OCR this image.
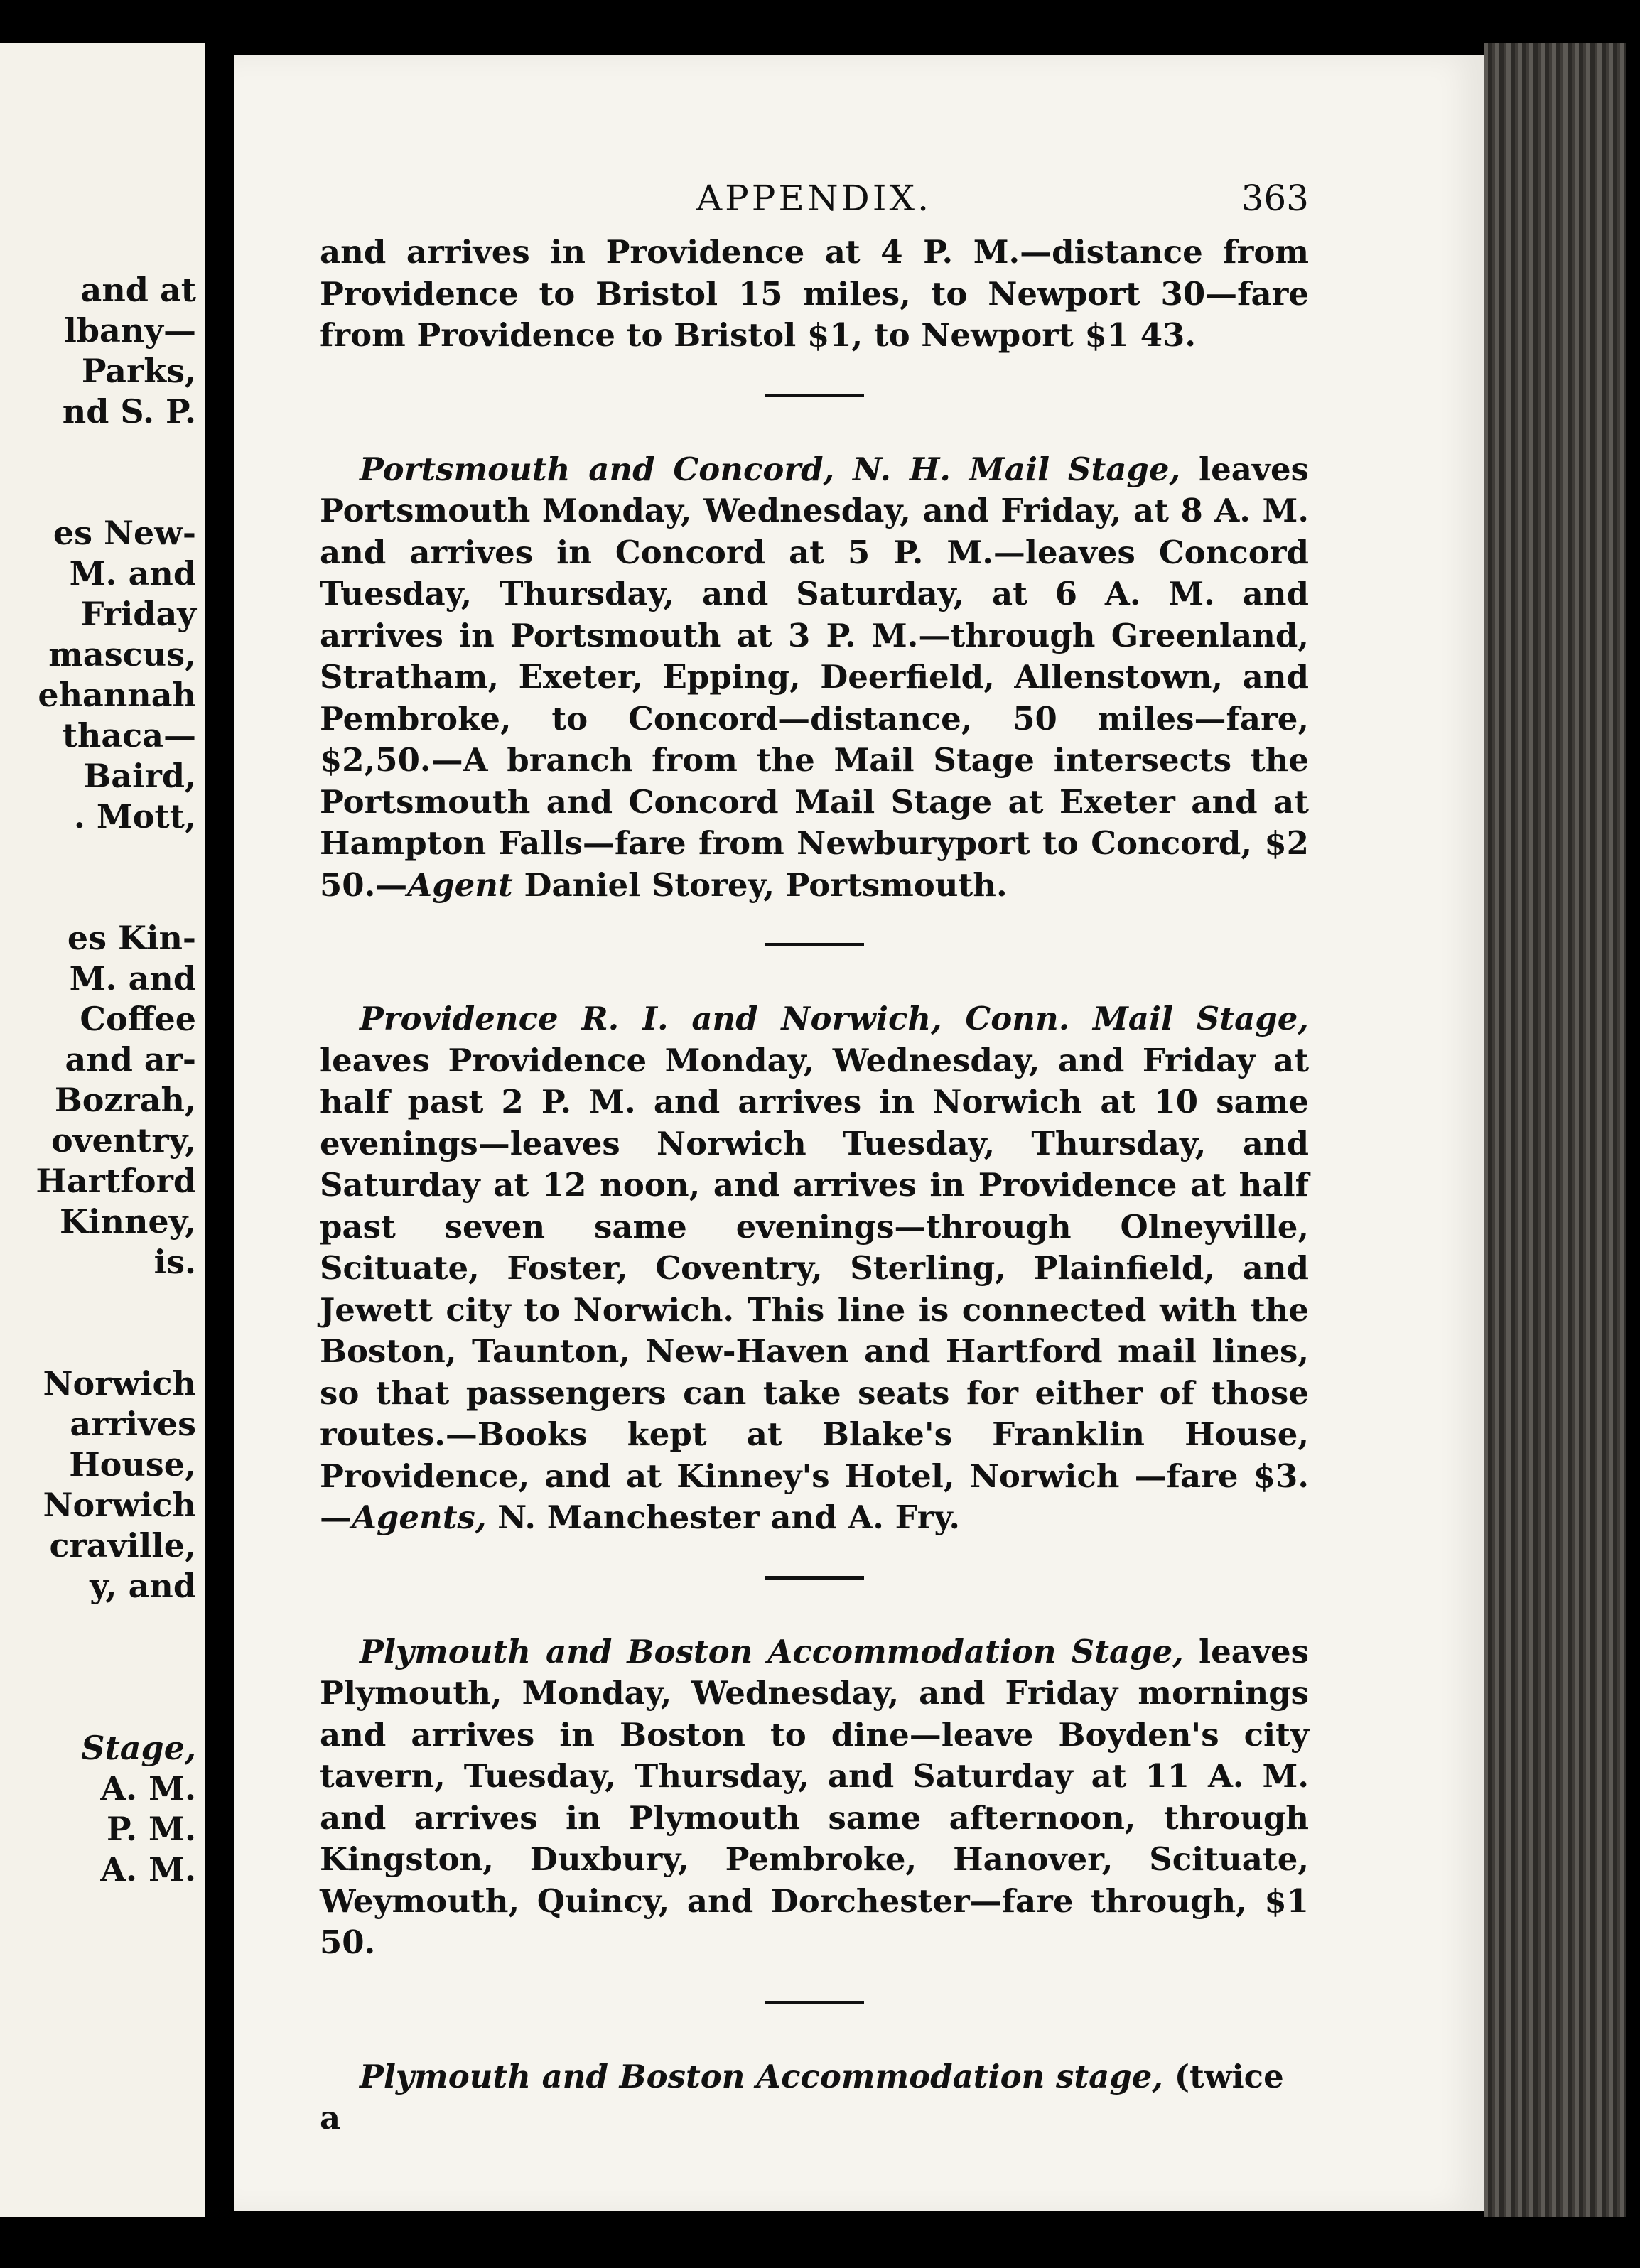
and at
lbany—
Parks,
nd S. P.
es New-
M. and
Friday
mascus,
ehannah
thaca—
Baird,
. Mott,
es Kin-
M. and
Coffee
and ar-
Bozrah,
oventry,
Hartford
Kinney,
is.
Norwich
arrives
House,
Norwich
craville,
y, and
Stage,
A. M.
P. M.
A. M.
APPENDIX.	363

and arrives in Providence at 4 P. M.—distance from Providence to Bristol 15 miles, to Newport 30—fare from Providence to Bristol $1, to Newport $1 43.

Portsmouth and Concord, N. H. Mail Stage, leaves Portsmouth Monday, Wednesday, and Friday, at 8 A. M. and arrives in Concord at 5 P. M.—leaves Concord Tuesday, Thursday, and Saturday, at 6 A. M. and arrives in Portsmouth at 3 P. M.—through Greenland, Stratham, Exeter, Epping, Deerfield, Allenstown, and Pembroke, to Concord—distance, 50 miles—fare, $2,50.—A branch from the Mail Stage intersects the Portsmouth and Concord Mail Stage at Exeter and at Hampton Falls—fare from Newburyport to Concord, $2 50.—Agent Daniel Storey, Portsmouth.

Providence R. I. and Norwich, Conn. Mail Stage, leaves Providence Monday, Wednesday, and Friday at half past 2 P. M. and arrives in Norwich at 10 same evenings—leaves Norwich Tuesday, Thursday, and Saturday at 12 noon, and arrives in Providence at half past seven same evenings—through Olneyville, Scituate, Foster, Coventry, Sterling, Plainfield, and Jewett city to Norwich. This line is connected with the Boston, Taunton, New-Haven and Hartford mail lines, so that passengers can take seats for either of those routes.—Books kept at Blake's Franklin House, Providence, and at Kinney's Hotel, Norwich —fare $3.—Agents, N. Manchester and A. Fry.

Plymouth and Boston Accommodation Stage, leaves Plymouth, Monday, Wednesday, and Friday mornings and arrives in Boston to dine—leave Boyden's city tavern, Tuesday, Thursday, and Saturday at 11 A. M. and arrives in Plymouth same afternoon, through Kingston, Duxbury, Pembroke, Hanover, Scituate, Weymouth, Quincy, and Dorchester—fare through, $1 50.

Plymouth and Boston Accommodation stage, (twice a
